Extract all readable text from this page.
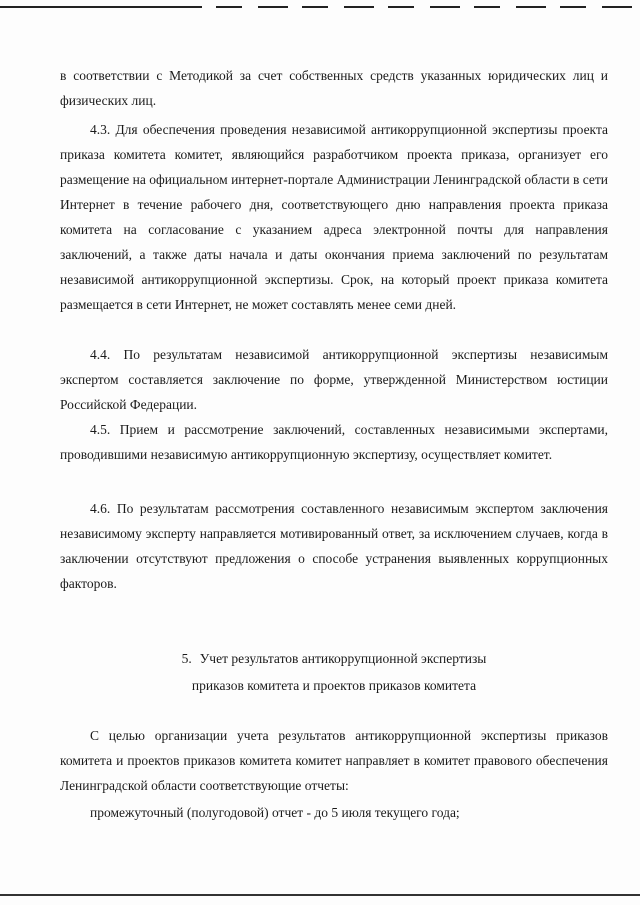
в соответствии с Методикой за счет собственных средств указанных юридических лиц и физических лиц.

4.3. Для обеспечения проведения независимой антикоррупционной экспертизы проекта приказа комитета комитет, являющийся разработчиком проекта приказа, организует его размещение на официальном интернет-портале Администрации Ленинградской области в сети Интернет в течение рабочего дня, соответствующего дню направления проекта приказа комитета на согласование с указанием адреса электронной почты для направления заключений, а также даты начала и даты окончания приема заключений по результатам независимой антикоррупционной экспертизы. Срок, на который проект приказа комитета размещается в сети Интернет, не может составлять менее семи дней.

4.4. По результатам независимой антикоррупционной экспертизы независимым экспертом составляется заключение по форме, утвержденной Министерством юстиции Российской Федерации.

4.5. Прием и рассмотрение заключений, составленных независимыми экспертами, проводившими независимую антикоррупционную экспертизу, осуществляет комитет.

4.6. По результатам рассмотрения составленного независимым экспертом заключения независимому эксперту направляется мотивированный ответ, за исключением случаев, когда в заключении отсутствуют предложения о способе устранения выявленных коррупционных факторов.

5. Учет результатов антикоррупционной экспертизы
приказов комитета и проектов приказов комитета

С целью организации учета результатов антикоррупционной экспертизы приказов комитета и проектов приказов комитета комитет направляет в комитет правового обеспечения Ленинградской области соответствующие отчеты:

промежуточный (полугодовой) отчет - до 5 июля текущего года;
